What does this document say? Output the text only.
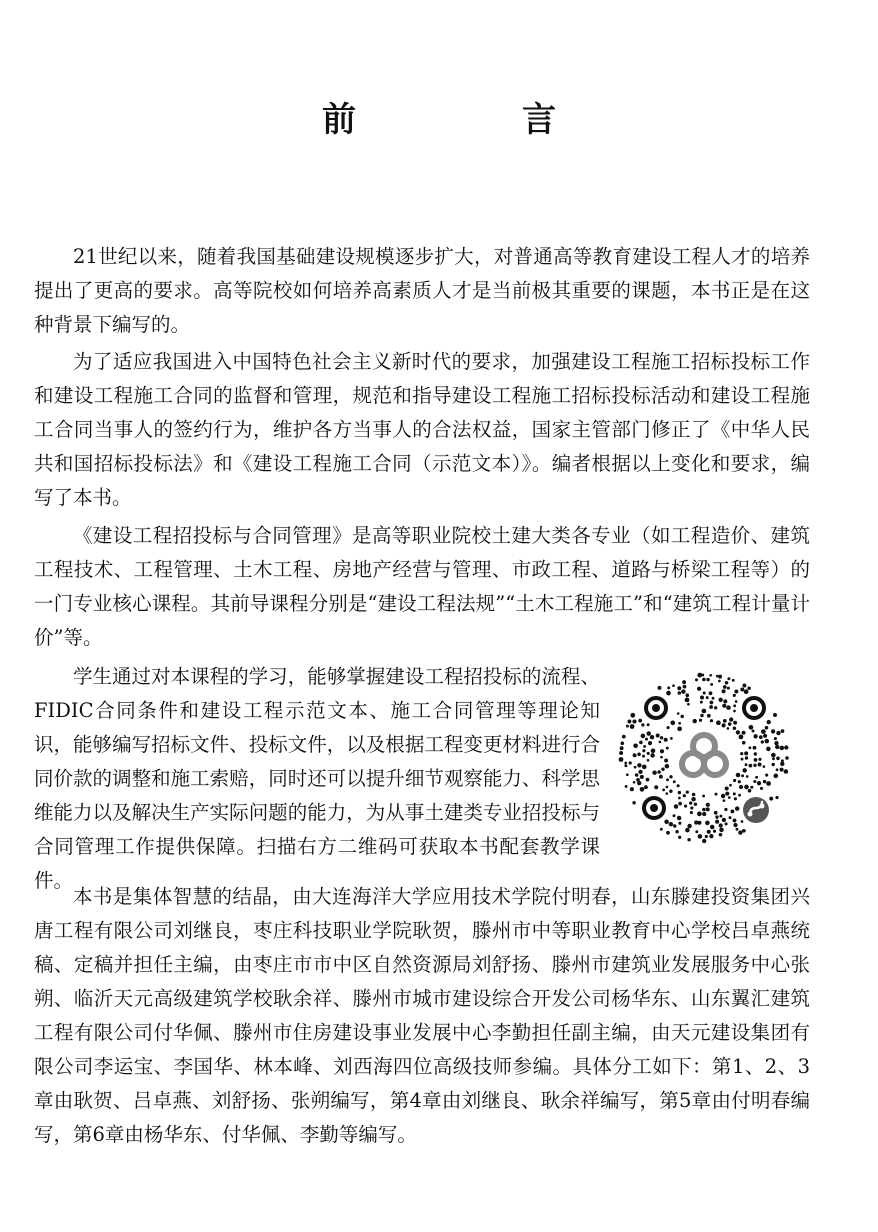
前　言

21世纪以来，随着我国基础建设规模逐步扩大，对普通高等教育建设工程人才的培养提出了更高的要求。高等院校如何培养高素质人才是当前极其重要的课题，本书正是在这种背景下编写的。

为了适应我国进入中国特色社会主义新时代的要求，加强建设工程施工招标投标工作和建设工程施工合同的监督和管理，规范和指导建设工程施工招标投标活动和建设工程施工合同当事人的签约行为，维护各方当事人的合法权益，国家主管部门修正了《中华人民共和国招标投标法》和《建设工程施工合同（示范文本）》。编者根据以上变化和要求，编写了本书。

《建设工程招投标与合同管理》是高等职业院校土建大类各专业（如工程造价、建筑工程技术、工程管理、土木工程、房地产经营与管理、市政工程、道路与桥梁工程等）的一门专业核心课程。其前导课程分别是“建设工程法规”“土木工程施工”和“建筑工程计量计价”等。

学生通过对本课程的学习，能够掌握建设工程招投标的流程、FIDIC合同条件和建设工程示范文本、施工合同管理等理论知识，能够编写招标文件、投标文件，以及根据工程变更材料进行合同价款的调整和施工索赔，同时还可以提升细节观察能力、科学思维能力以及解决生产实际问题的能力，为从事土建类专业招投标与合同管理工作提供保障。扫描右方二维码可获取本书配套教学课件。

本书是集体智慧的结晶，由大连海洋大学应用技术学院付明春，山东滕建投资集团兴唐工程有限公司刘继良，枣庄科技职业学院耿贺，滕州市中等职业教育中心学校吕卓燕统稿、定稿并担任主编，由枣庄市市中区自然资源局刘舒扬、滕州市建筑业发展服务中心张朔、临沂天元高级建筑学校耿余祥、滕州市城市建设综合开发公司杨华东、山东翼汇建筑工程有限公司付华佩、滕州市住房建设事业发展中心李勤担任副主编，由天元建设集团有限公司李运宝、李国华、林本峰、刘西海四位高级技师参编。具体分工如下：第1、2、3章由耿贺、吕卓燕、刘舒扬、张朔编写，第4章由刘继良、耿余祥编写，第5章由付明春编写，第6章由杨华东、付华佩、李勤等编写。
